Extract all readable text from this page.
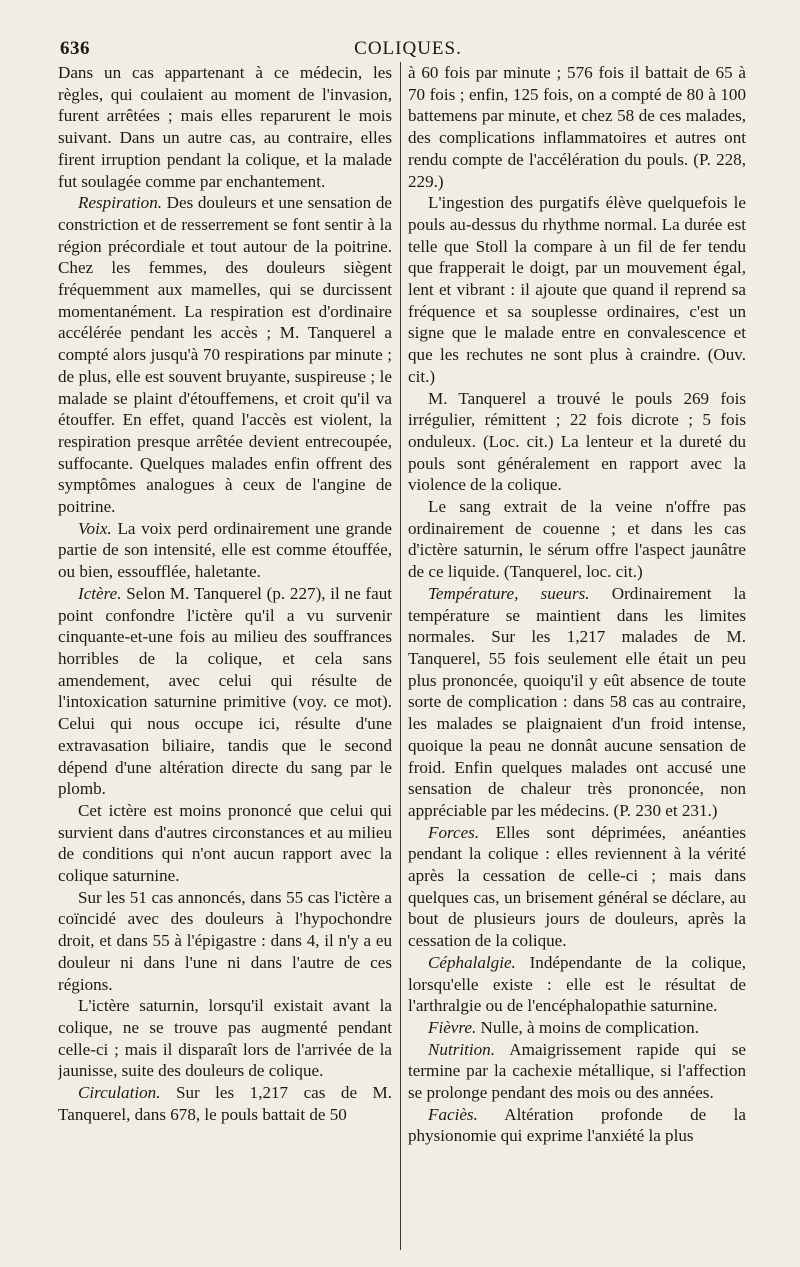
636	COLIQUES.

Dans un cas appartenant à ce médecin, les règles, qui coulaient au moment de l'invasion, furent arrêtées ; mais elles reparurent le mois suivant. Dans un autre cas, au contraire, elles firent irruption pendant la colique, et la malade fut soulagée comme par enchantement.

Respiration. Des douleurs et une sensation de constriction et de resserrement se font sentir à la région précordiale et tout autour de la poitrine. Chez les femmes, des douleurs siègent fréquemment aux mamelles, qui se durcissent momentanément. La respiration est d'ordinaire accélérée pendant les accès ; M. Tanquerel a compté alors jusqu'à 70 respirations par minute ; de plus, elle est souvent bruyante, suspireuse ; le malade se plaint d'étouffemens, et croit qu'il va étouffer. En effet, quand l'accès est violent, la respiration presque arrêtée devient entrecoupée, suffocante. Quelques malades enfin offrent des symptômes analogues à ceux de l'angine de poitrine.

Voix. La voix perd ordinairement une grande partie de son intensité, elle est comme étouffée, ou bien, essoufflée, haletante.

Ictère. Selon M. Tanquerel (p. 227), il ne faut point confondre l'ictère qu'il a vu survenir cinquante-et-une fois au milieu des souffrances horribles de la colique, et cela sans amendement, avec celui qui résulte de l'intoxication saturnine primitive (voy. ce mot). Celui qui nous occupe ici, résulte d'une extravasation biliaire, tandis que le second dépend d'une altération directe du sang par le plomb.

Cet ictère est moins prononcé que celui qui survient dans d'autres circonstances et au milieu de conditions qui n'ont aucun rapport avec la colique saturnine.

Sur les 51 cas annoncés, dans 55 cas l'ictère a coïncidé avec des douleurs à l'hypochondre droit, et dans 55 à l'épigastre : dans 4, il n'y a eu douleur ni dans l'une ni dans l'autre de ces régions.

L'ictère saturnin, lorsqu'il existait avant la colique, ne se trouve pas augmenté pendant celle-ci ; mais il disparaît lors de l'arrivée de la jaunisse, suite des douleurs de colique.

Circulation. Sur les 1,217 cas de M. Tanquerel, dans 678, le pouls battait de 50

à 60 fois par minute ; 576 fois il battait de 65 à 70 fois ; enfin, 125 fois, on a compté de 80 à 100 battemens par minute, et chez 58 de ces malades, des complications inflammatoires et autres ont rendu compte de l'accélération du pouls. (P. 228, 229.)

L'ingestion des purgatifs élève quelquefois le pouls au-dessus du rhythme normal. La durée est telle que Stoll la compare à un fil de fer tendu que frapperait le doigt, par un mouvement égal, lent et vibrant : il ajoute que quand il reprend sa fréquence et sa souplesse ordinaires, c'est un signe que le malade entre en convalescence et que les rechutes ne sont plus à craindre. (Ouv. cit.)

M. Tanquerel a trouvé le pouls 269 fois irrégulier, rémittent ; 22 fois dicrote ; 5 fois onduleux. (Loc. cit.) La lenteur et la dureté du pouls sont généralement en rapport avec la violence de la colique.

Le sang extrait de la veine n'offre pas ordinairement de couenne ; et dans les cas d'ictère saturnin, le sérum offre l'aspect jaunâtre de ce liquide. (Tanquerel, loc. cit.)

Température, sueurs. Ordinairement la température se maintient dans les limites normales. Sur les 1,217 malades de M. Tanquerel, 55 fois seulement elle était un peu plus prononcée, quoiqu'il y eût absence de toute sorte de complication : dans 58 cas au contraire, les malades se plaignaient d'un froid intense, quoique la peau ne donnât aucune sensation de froid. Enfin quelques malades ont accusé une sensation de chaleur très prononcée, non appréciable par les médecins. (P. 230 et 231.)

Forces. Elles sont déprimées, anéanties pendant la colique : elles reviennent à la vérité après la cessation de celle-ci ; mais dans quelques cas, un brisement général se déclare, au bout de plusieurs jours de douleurs, après la cessation de la colique.

Céphalalgie. Indépendante de la colique, lorsqu'elle existe : elle est le résultat de l'arthralgie ou de l'encéphalopathie saturnine.

Fièvre. Nulle, à moins de complication.

Nutrition. Amaigrissement rapide qui se termine par la cachexie métallique, si l'affection se prolonge pendant des mois ou des années.

Faciès. Altération profonde de la physionomie qui exprime l'anxiété la plus
